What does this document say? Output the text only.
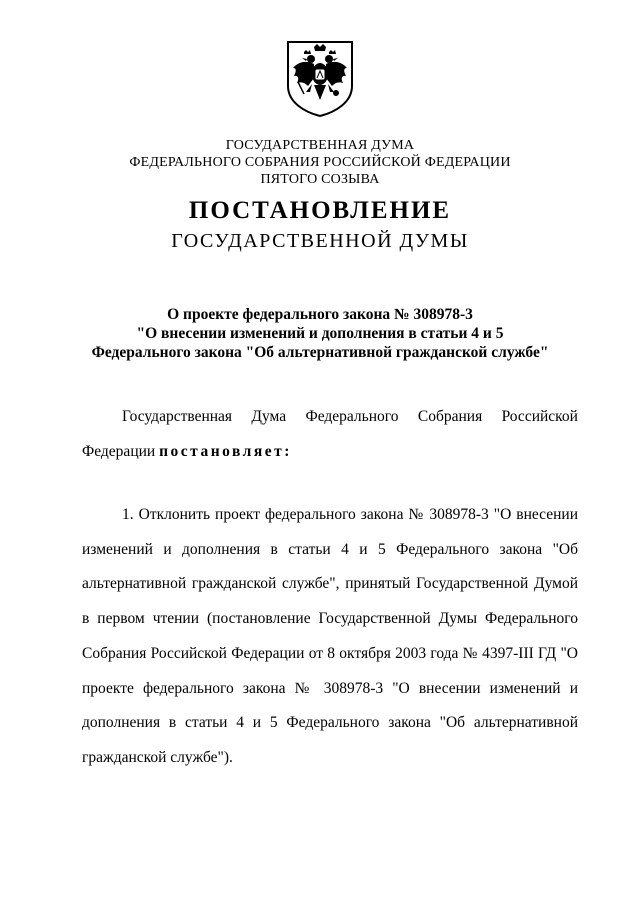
ГОСУДАРСТВЕННАЯ ДУМА
ФЕДЕРАЛЬНОГО СОБРАНИЯ РОССИЙСКОЙ ФЕДЕРАЦИИ
ПЯТОГО СОЗЫВА
ПОСТАНОВЛЕНИЕ
ГОСУДАРСТВЕННОЙ ДУМЫ
О проекте федерального закона № 308978-3
"О внесении изменений и дополнения в статьи 4 и 5
Федерального закона "Об альтернативной гражданской службе"
Государственная Дума Федерального Собрания Российской
Федерации постановляет:
1. Отклонить проект федерального закона № 308978-3 "О внесении изменений и дополнения в статьи 4 и 5 Федерального закона "Об альтернативной гражданской службе", принятый Государственной Думой в первом чтении (постановление Государственной Думы Федерального Собрания Российской Федерации от 8 октября 2003 года № 4397-III ГД "О проекте федерального закона № 308978-3 "О внесении изменений и дополнения в статьи 4 и 5 Федерального закона "Об альтернативной гражданской службе").
